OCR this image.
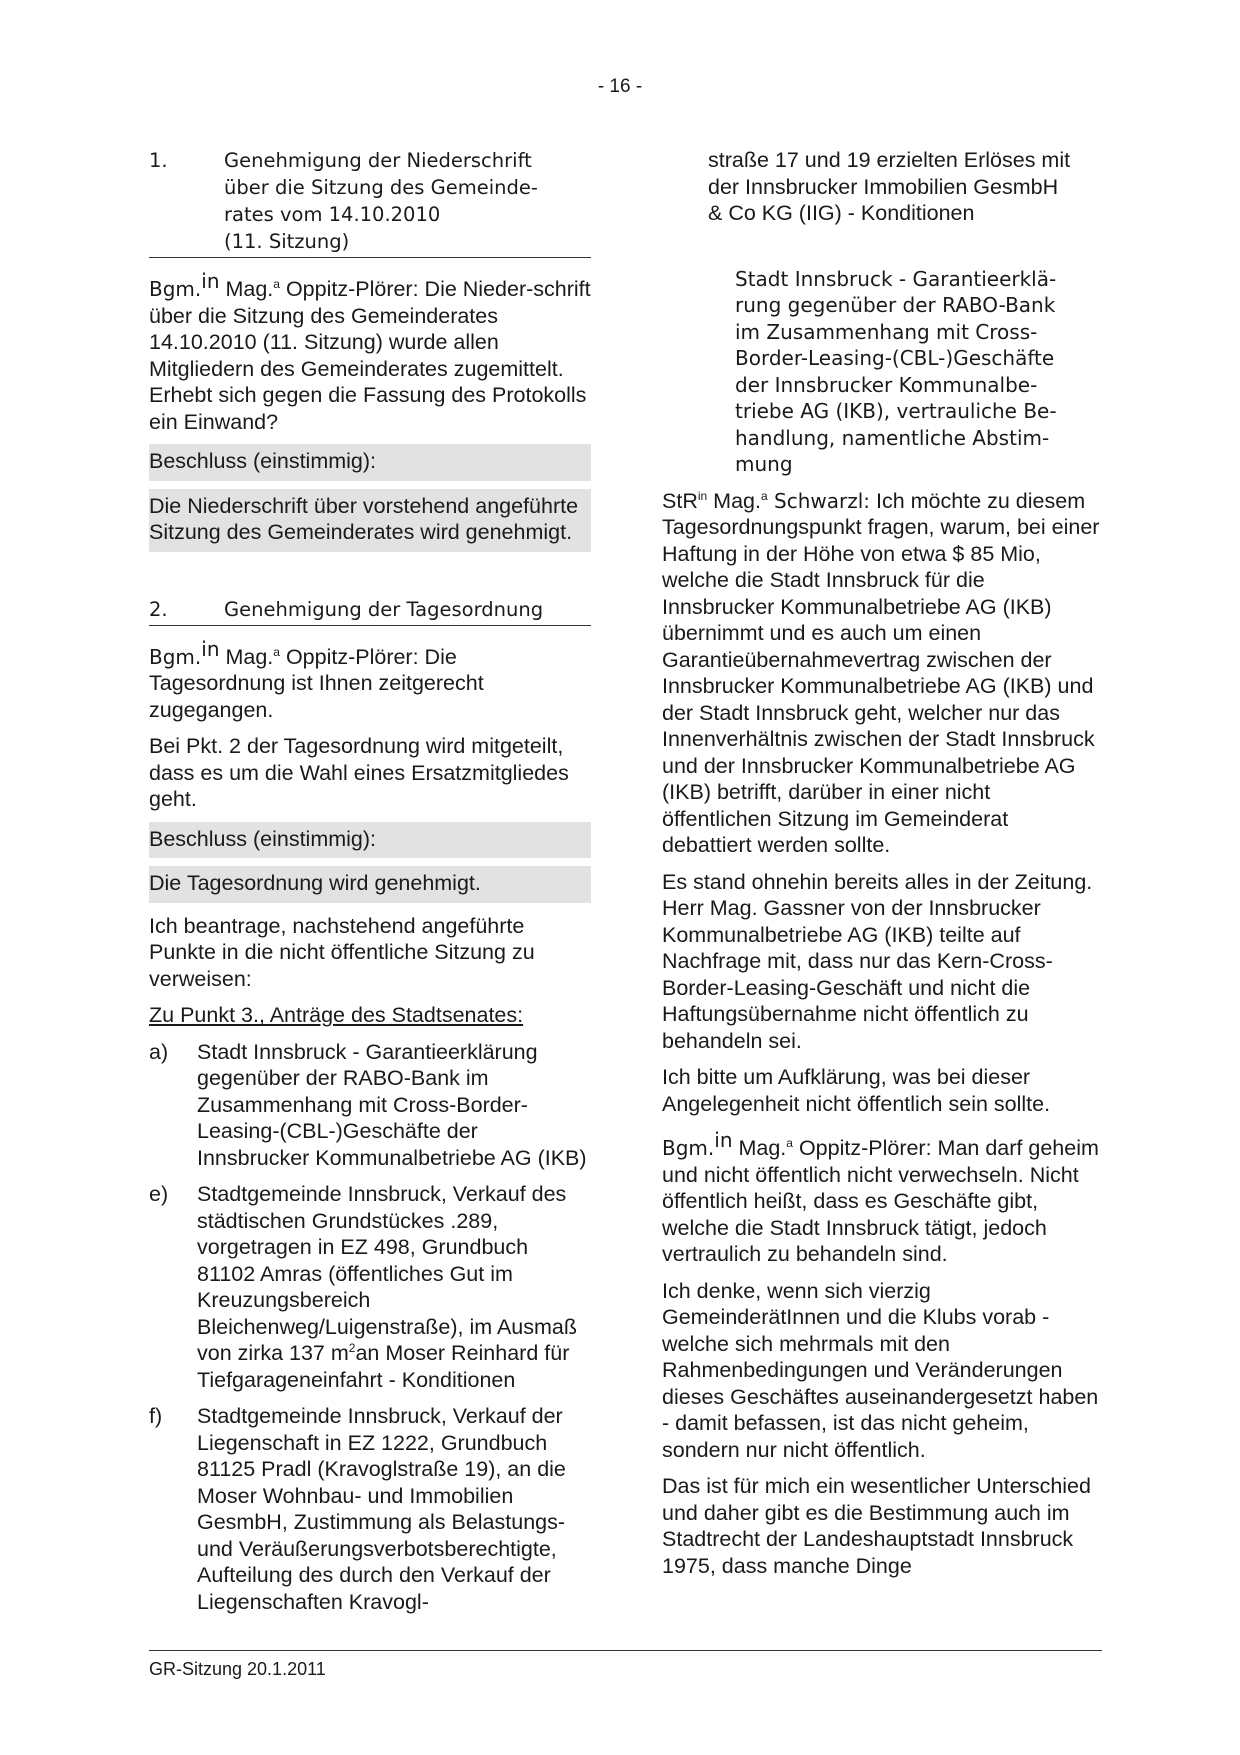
- 16 -
1.	Genehmigung der Niederschrift
über die Sitzung des Gemeinde-
rates vom 14.10.2010
(11. Sitzung)

Bgm.$^{in}$ Mag.$^a$ Oppitz-Plörer: Die Nieder-schrift über die Sitzung des Gemeinderates 14.10.2010 (11. Sitzung) wurde allen Mitgliedern des Gemeinderates zugemittelt. Erhebt sich gegen die Fassung des Protokolls ein Einwand?

Beschluss (einstimmig):
Die Niederschrift über vorstehend angeführte Sitzung des Gemeinderates wird genehmigt.
2.	Genehmigung der Tagesordnung

Bgm.$^{in}$ Mag.$^a$ Oppitz-Plörer: Die Tagesordnung ist Ihnen zeitgerecht zugegangen.

Bei Pkt. 2 der Tagesordnung wird mitgeteilt, dass es um die Wahl eines Ersatzmitgliedes geht.

Beschluss (einstimmig):
Die Tagesordnung wird genehmigt.

Ich beantrage, nachstehend angeführte Punkte in die nicht öffentliche Sitzung zu verweisen:

Zu Punkt 3., Anträge des Stadtsenates:

a)	Stadt Innsbruck - Garantieerklärung gegenüber der RABO-Bank im Zusammenhang mit Cross-Border-Leasing-(CBL-)Geschäfte der Innsbrucker Kommunalbetriebe AG (IKB)
e)	Stadtgemeinde Innsbruck, Verkauf des städtischen Grundstückes .289, vorgetragen in EZ 498, Grundbuch 81102 Amras (öffentliches Gut im Kreuzungsbereich Bleichenweg/Luigenstraße), im Ausmaß von zirka 137 $m^2an$ Moser Reinhard für Tiefgarageneinfahrt - Konditionen
f)	Stadtgemeinde Innsbruck, Verkauf der Liegenschaft in EZ 1222, Grundbuch 81125 Pradl (Kravoglstraße 19), an die Moser Wohnbau- und Immobilien GesmbH, Zustimmung als Belastungs- und Veräußerungsverbotsberechtigte, Aufteilung des durch den Verkauf der Liegenschaften Kravogl-

straße 17 und 19 erzielten Erlöses mit
der Innsbrucker Immobilien GesmbH
& Co KG (IIG) - Konditionen

Stadt Innsbruck - Garantieerklä-
rung gegenüber der RABO-Bank
im Zusammenhang mit Cross-
Border-Leasing-(CBL-)Geschäfte
der Innsbrucker Kommunalbe-
triebe AG (IKB), vertrauliche Be-
handlung, namentliche Abstim-
mung

StR$^{in}$ Mag.$^a$ Schwarzl: Ich möchte zu diesem Tagesordnungspunkt fragen, warum, bei einer Haftung in der Höhe von etwa $ 85 Mio, welche die Stadt Innsbruck für die Innsbrucker Kommunalbetriebe AG (IKB) übernimmt und es auch um einen Garantieübernahmevertrag zwischen der Innsbrucker Kommunalbetriebe AG (IKB) und der Stadt Innsbruck geht, welcher nur das Innenverhältnis zwischen der Stadt Innsbruck und der Innsbrucker Kommunalbetriebe AG (IKB) betrifft, darüber in einer nicht öffentlichen Sitzung im Gemeinderat debattiert werden sollte.

Es stand ohnehin bereits alles in der Zeitung. Herr Mag. Gassner von der Innsbrucker Kommunalbetriebe AG (IKB) teilte auf Nachfrage mit, dass nur das Kern-Cross-Border-Leasing-Geschäft und nicht die Haftungsübernahme nicht öffentlich zu behandeln sei.

Ich bitte um Aufklärung, was bei dieser Angelegenheit nicht öffentlich sein sollte.

Bgm.$^{in}$ Mag.$^a$ Oppitz-Plörer: Man darf geheim und nicht öffentlich nicht verwechseln. Nicht öffentlich heißt, dass es Geschäfte gibt, welche die Stadt Innsbruck tätigt, jedoch vertraulich zu behandeln sind.

Ich denke, wenn sich vierzig GemeinderätInnen und die Klubs vorab - welche sich mehrmals mit den Rahmenbedingungen und Veränderungen dieses Geschäftes auseinandergesetzt haben - damit befassen, ist das nicht geheim, sondern nur nicht öffentlich.

Das ist für mich ein wesentlicher Unterschied und daher gibt es die Bestimmung auch im Stadtrecht der Landeshauptstadt Innsbruck 1975, dass manche Dinge

GR-Sitzung 20.1.2011
